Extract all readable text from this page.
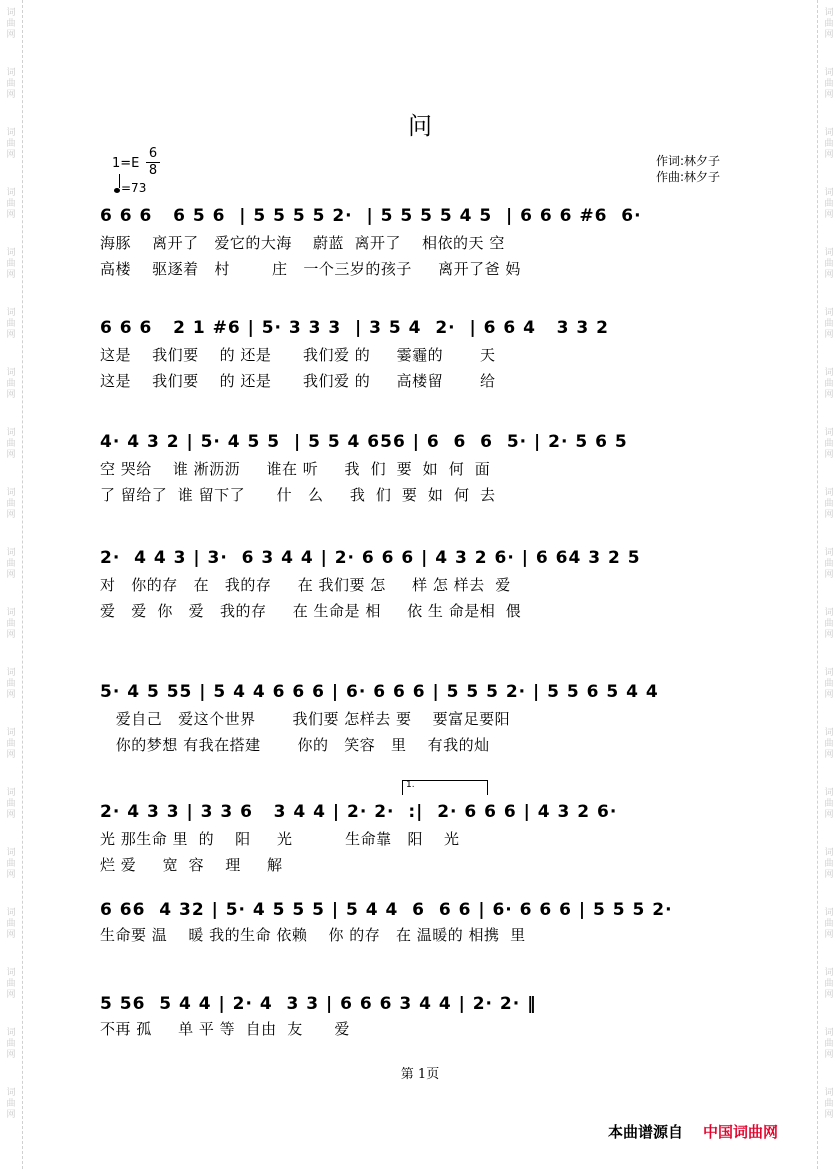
词
曲
网
词
曲
网
词
曲
网
词
曲
网
词
曲
网
词
曲
网
词
曲
网
词
曲
网
词
曲
网
词
曲
网
词
曲
网
词
曲
网
词
曲
网
词
曲
网
词
曲
网
词
曲
网
词
曲
网
词
曲
网
词
曲
网
词
曲
网
词
曲
网
词
曲
网
词
曲
网
词
曲
网
词
曲
网
词
曲
网
词
曲
网
词
曲
网
词
曲
网
词
曲
网
词
曲
网
词
曲
网
词
曲
网
词
曲
网
词
曲
网
词
曲
网
词
曲
网
词
曲
网
问
1=E
6
8
=73
作词:林夕子
作曲:林夕子
6 6 6   6 5 6  | 5 5 5 5 2·  | 5 5 5 5 4 5  | 6 6 6 #6  6·
海豚    离开了   爱它的大海    蔚蓝  离开了    相依的天 空
高楼    驱逐着   村        庄   一个三岁的孩子     离开了爸 妈
6 6 6   2 1 #6 | 5· 3 3 3  | 3 5 4  2·  | 6 6 4   3 3 2
这是    我们要    的 还是      我们爱 的     霎霾的       天
这是    我们要    的 还是      我们爱 的     高楼留       给
4· 4 3 2 | 5· 4 5 5  | 5 5 4 656 | 6  6  6  5· | 2· 5 6 5
空 哭给    谁 淅沥沥     谁在 听     我  们  要  如  何  面
了 留给了  谁 留下了      什   么     我  们  要  如  何  去
2·  4 4 3 | 3·  6 3 4 4 | 2· 6 6 6 | 4 3 2 6· | 6 64 3 2 5
对   你的存   在   我的存     在 我们要 怎     样 怎 样去  爱
爱   爱  你   爱   我的存     在 生命是 相     依 生 命是相  偎
5· 4 5 55 | 5 4 4 6 6 6 | 6· 6 6 6 | 5 5 5 2· | 5 5 6 5 4 4
爱自己   爱这个世界       我们要 怎样去 要    要富足要阳
你的梦想 有我在搭建       你的   笑容   里    有我的灿
1.
2· 4 3 3 | 3 3 6   3 4 4 | 2· 2·  :|  2· 6 6 6 | 4 3 2 6·
光 那生命 里  的    阳     光          生命靠   阳    光
烂 爱     宽  容    理     解
6 66  4 32 | 5· 4 5 5 5 | 5 4 4  6  6 6 | 6· 6 6 6 | 5 5 5 2·
生命要 温    暖 我的生命 依赖    你 的存   在 温暖的 相携  里
5 56  5 4 4 | 2· 4  3 3 | 6 6 6 3 4 4 | 2· 2· ‖
不再 孤     单 平 等  自由  友      爱
第 1页
本曲谱源自 中国词曲网
